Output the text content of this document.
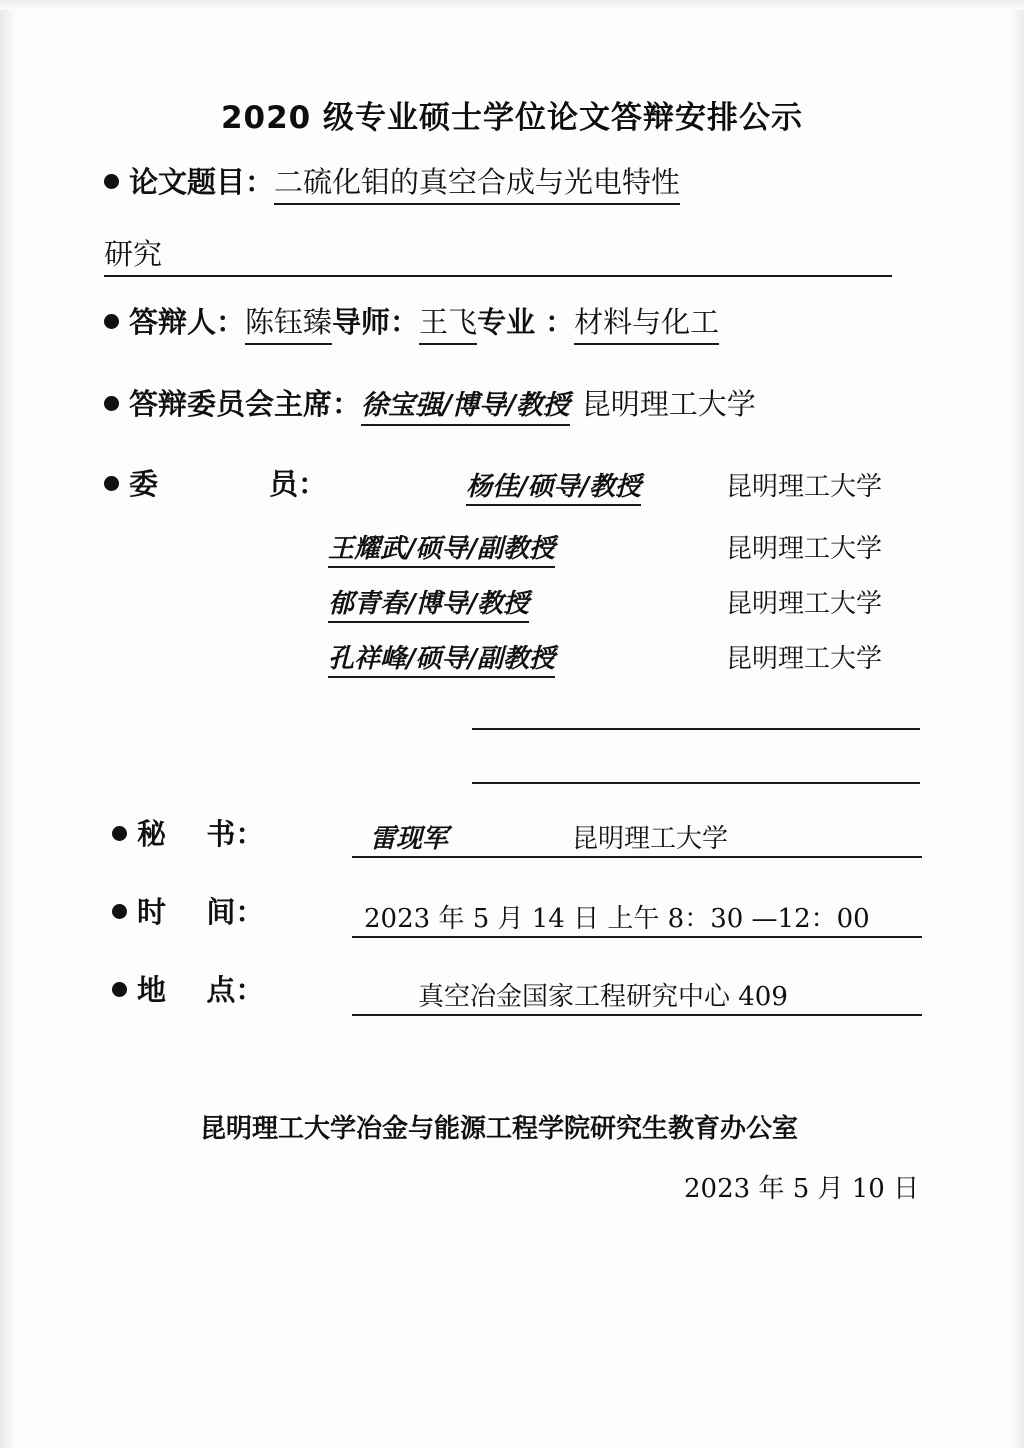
2020 级专业硕士学位论文答辩安排公示
论文题目： 二硫化钼的真空合成与光电特性
研究
答辩人： 陈钰臻 导师： 王飞 专业 ： 材料与化工
答辩委员会主席： 徐宝强/博导/教授 昆明理工大学
委           员：	杨佳/硕导/教授	昆明理工大学
王耀武/硕导/副教授	昆明理工大学
郁青春/博导/教授	昆明理工大学
孔祥峰/硕导/副教授	昆明理工大学
秘    书：	雷现军	昆明理工大学
时    间：	2023 年 5 月 14 日 上午 8：30 —12：00
地    点：	真空冶金国家工程研究中心 409
昆明理工大学冶金与能源工程学院研究生教育办公室
2023 年 5 月 10 日
